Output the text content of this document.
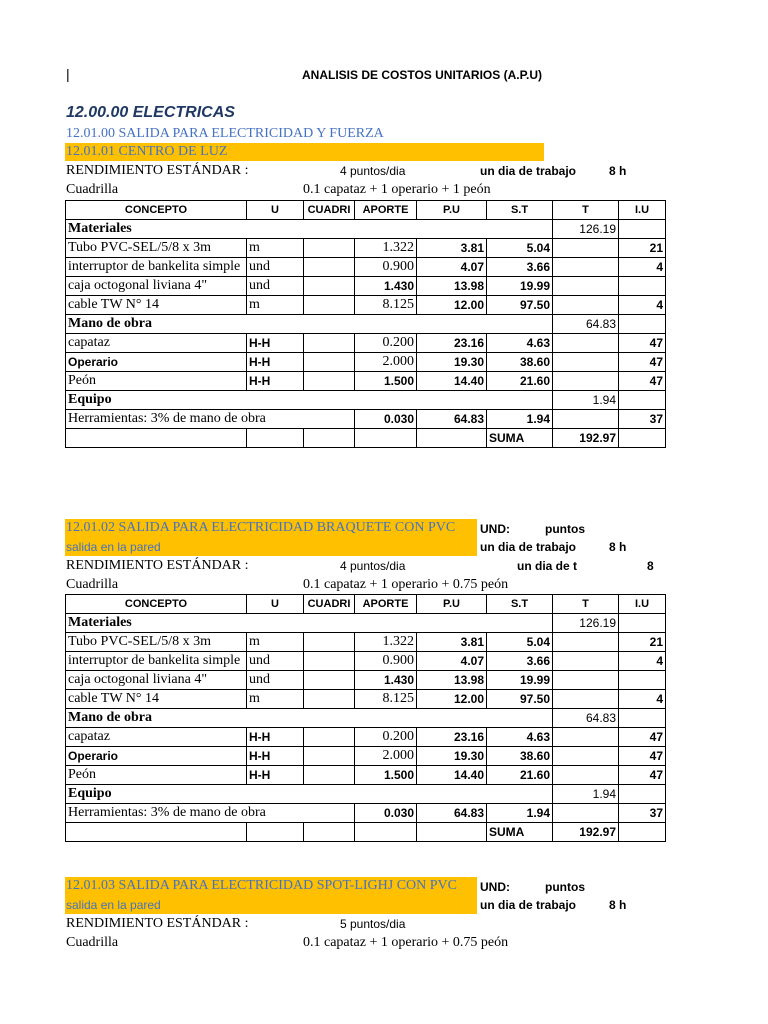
|	ANALISIS DE COSTOS UNITARIOS (A.P.U)
12.00.00 ELECTRICAS
12.01.00 SALIDA PARA ELECTRICIDAD Y FUERZA
12.01.01 CENTRO DE LUZ
RENDIMIENTO ESTÁNDAR :	4 puntos/dia	un dia de trabajo	8 h
Cuadrilla	0.1 capataz + 1 operario + 1 peón
CONCEPTO	U	CUADRI	APORTE	P.U	S.T	T	I.U
Materiales						126.19	
Tubo PVC-SEL/5/8 x 3m	m		1.322	3.81	5.04		21
interruptor de bankelita simple	und		0.900	4.07	3.66		4
caja octogonal liviana 4"	und		1.430	13.98	19.99		
cable TW N° 14	m		8.125	12.00	97.50		4
Mano de obra						64.83	
capataz	H-H		0.200	23.16	4.63		47
Operario	H-H		2.000	19.30	38.60		47
Peón	H-H		1.500	14.40	21.60		47
Equipo						1.94	
Herramientas: 3% de mano de obra			0.030	64.83	1.94		37
					SUMA	192.97	
12.01.02 SALIDA PARA ELECTRICIDAD BRAQUETE CON PVC
salida en la pared
UND:	puntos
un dia de trabajo	8 h
RENDIMIENTO ESTÁNDAR :	4 puntos/dia	un dia de t	8
Cuadrilla	0.1 capataz + 1 operario + 0.75 peón
CONCEPTO	U	CUADRI	APORTE	P.U	S.T	T	I.U
Materiales						126.19	
Tubo PVC-SEL/5/8 x 3m	m		1.322	3.81	5.04		21
interruptor de bankelita simple	und		0.900	4.07	3.66		4
caja octogonal liviana 4"	und		1.430	13.98	19.99		
cable TW N° 14	m		8.125	12.00	97.50		4
Mano de obra						64.83	
capataz	H-H		0.200	23.16	4.63		47
Operario	H-H		2.000	19.30	38.60		47
Peón	H-H		1.500	14.40	21.60		47
Equipo						1.94	
Herramientas: 3% de mano de obra			0.030	64.83	1.94		37
					SUMA	192.97	
12.01.03 SALIDA PARA ELECTRICIDAD SPOT-LIGHJ CON PVC
salida en la pared
UND:	puntos
un dia de trabajo	8 h
RENDIMIENTO ESTÁNDAR :	5 puntos/dia
Cuadrilla	0.1 capataz + 1 operario + 0.75 peón
